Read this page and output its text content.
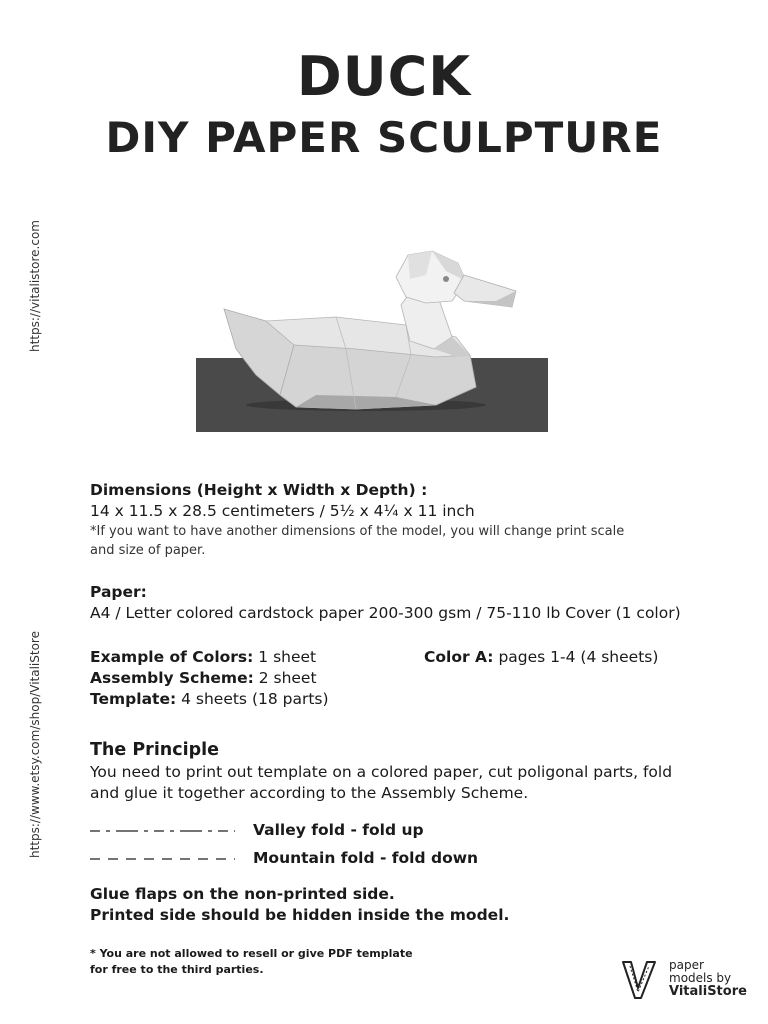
DUCK
DIY PAPER SCULPTURE
https://vitalistore.com
https://www.etsy.com/shop/VitaliStore
Dimensions (Height x Width x Depth) :
14 x 11.5 x 28.5 centimeters / 5½ x 4¼ x 11 inch
*If you want to have another dimensions of the model, you will change print scale
and size of paper.
Paper:
A4 / Letter colored cardstock paper 200-300 gsm / 75-110 lb Cover (1 color)
Example of Colors: 1 sheet
Assembly Scheme: 2 sheet
Template: 4 sheets (18 parts)
Color A: pages 1-4 (4 sheets)
The Principle
You need to print out template on a colored paper, cut poligonal parts, fold
and glue it together according to the Assembly Scheme.
Valley fold - fold up
Mountain fold - fold down
Glue flaps on the non-printed side.
Printed side should be hidden inside the model.
* You are not allowed to resell or give PDF template
for free to the third parties.	paper
models by
VitaliStore
